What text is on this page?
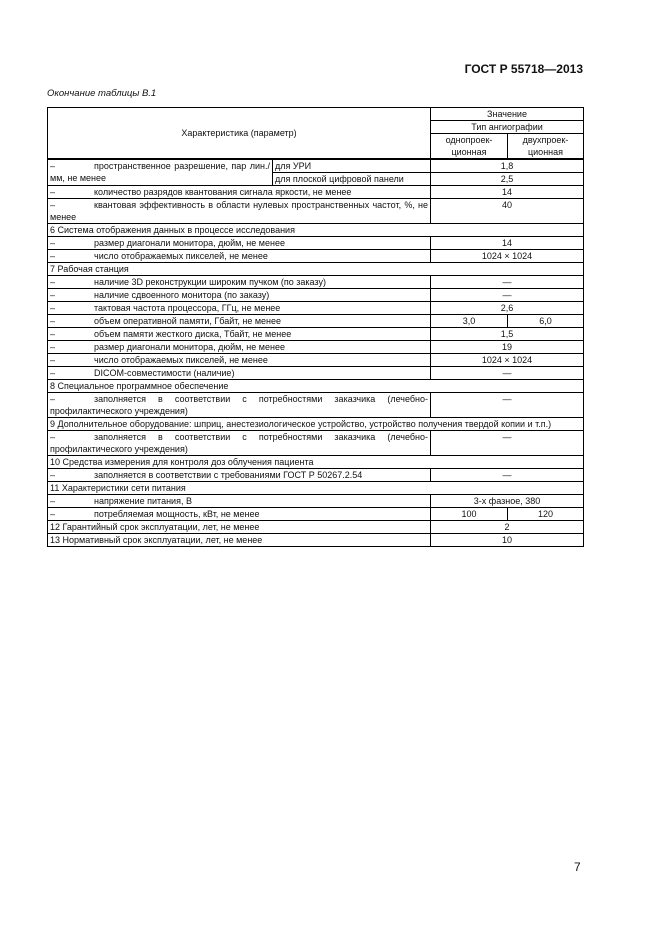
ГОСТ Р 55718—2013
Окончание таблицы В.1
Характеристика (параметр)		Значение	
		Тип ангиографии	
		однопроек-ционная	двухпроек-ционная
– пространственное разрешение, пар лин./мм, не менее	для УРИ	1,8	
	для плоской цифровой панели	2,5	
– количество разрядов квантования сигнала яркости, не менее		14	
– квантовая эффективность в области нулевых пространственных частот, %, не менее		40	
6 Система отображения данных в процессе исследования			
– размер диагонали монитора, дюйм, не менее		14	
– число отображаемых пикселей, не менее		1024 × 1024	
7 Рабочая станция			
– наличие 3D реконструкции широким пучком (по заказу)		—	
– наличие сдвоенного монитора (по заказу)		—	
– тактовая частота процессора, ГГц, не менее		2,6	
– объем оперативной памяти, Гбайт, не менее		3,0	6,0
– объем памяти жесткого диска, Тбайт, не менее		1,5	
– размер диагонали монитора, дюйм, не менее		19	
– число отображаемых пикселей, не менее		1024 × 1024	
– DICOM-совместимости (наличие)		—	
8 Специальное программное обеспечение			
– заполняется в соответствии с потребностями заказчика (лечебно-профилактического учреждения)		—	
9 Дополнительное оборудование: шприц, анестезиологическое устройство, устройство получения твердой копии и т.п.)			
– заполняется в соответствии с потребностями заказчика (лечебно-профилактического учреждения)		—	
10 Средства измерения для контроля доз облучения пациента			
– заполняется в соответствии с требованиями ГОСТ Р 50267.2.54		—	
11 Характеристики сети питания			
– напряжение питания, В		3-х фазное, 380	
– потребляемая мощность, кВт, не менее		100	120
12 Гарантийный срок эксплуатации, лет, не менее		2	
13 Нормативный срок эксплуатации, лет, не менее		10	
7
